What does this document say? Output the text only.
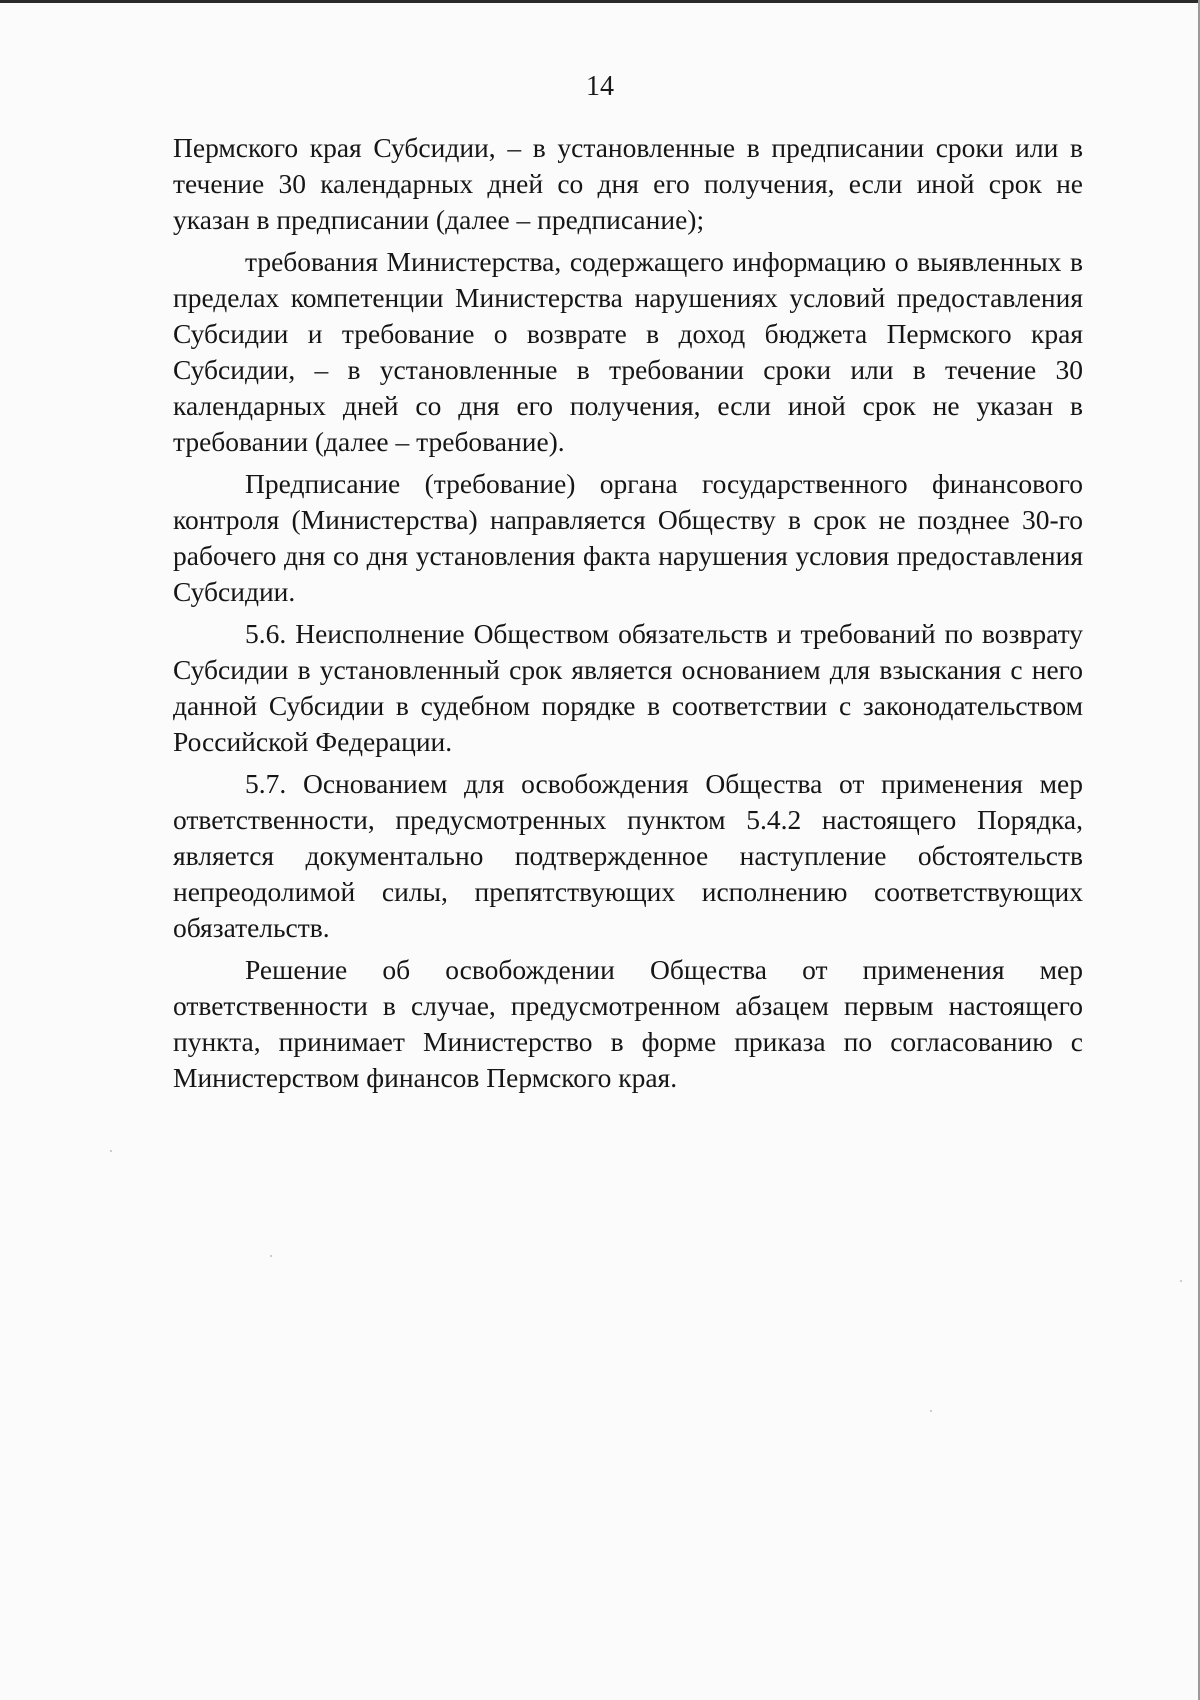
14

Пермского края Субсидии, – в установленные в предписании сроки или в течение 30 календарных дней со дня его получения, если иной срок не указан в предписании (далее – предписание);

требования Министерства, содержащего информацию о выявленных в пределах компетенции Министерства нарушениях условий предоставления Субсидии и требование о возврате в доход бюджета Пермского края Субсидии, – в установленные в требовании сроки или в течение 30 календарных дней со дня его получения, если иной срок не указан в требовании (далее – требование).

Предписание (требование) органа государственного финансового контроля (Министерства) направляется Обществу в срок не позднее 30-го рабочего дня со дня установления факта нарушения условия предоставления Субсидии.

5.6. Неисполнение Обществом обязательств и требований по возврату Субсидии в установленный срок является основанием для взыскания с него данной Субсидии в судебном порядке в соответствии с законодательством Российской Федерации.

5.7. Основанием для освобождения Общества от применения мер ответственности, предусмотренных пунктом 5.4.2 настоящего Порядка, является документально подтвержденное наступление обстоятельств непреодолимой силы, препятствующих исполнению соответствующих обязательств.

Решение об освобождении Общества от применения мер ответственности в случае, предусмотренном абзацем первым настоящего пункта, принимает Министерство в форме приказа по согласованию с Министерством финансов Пермского края.
